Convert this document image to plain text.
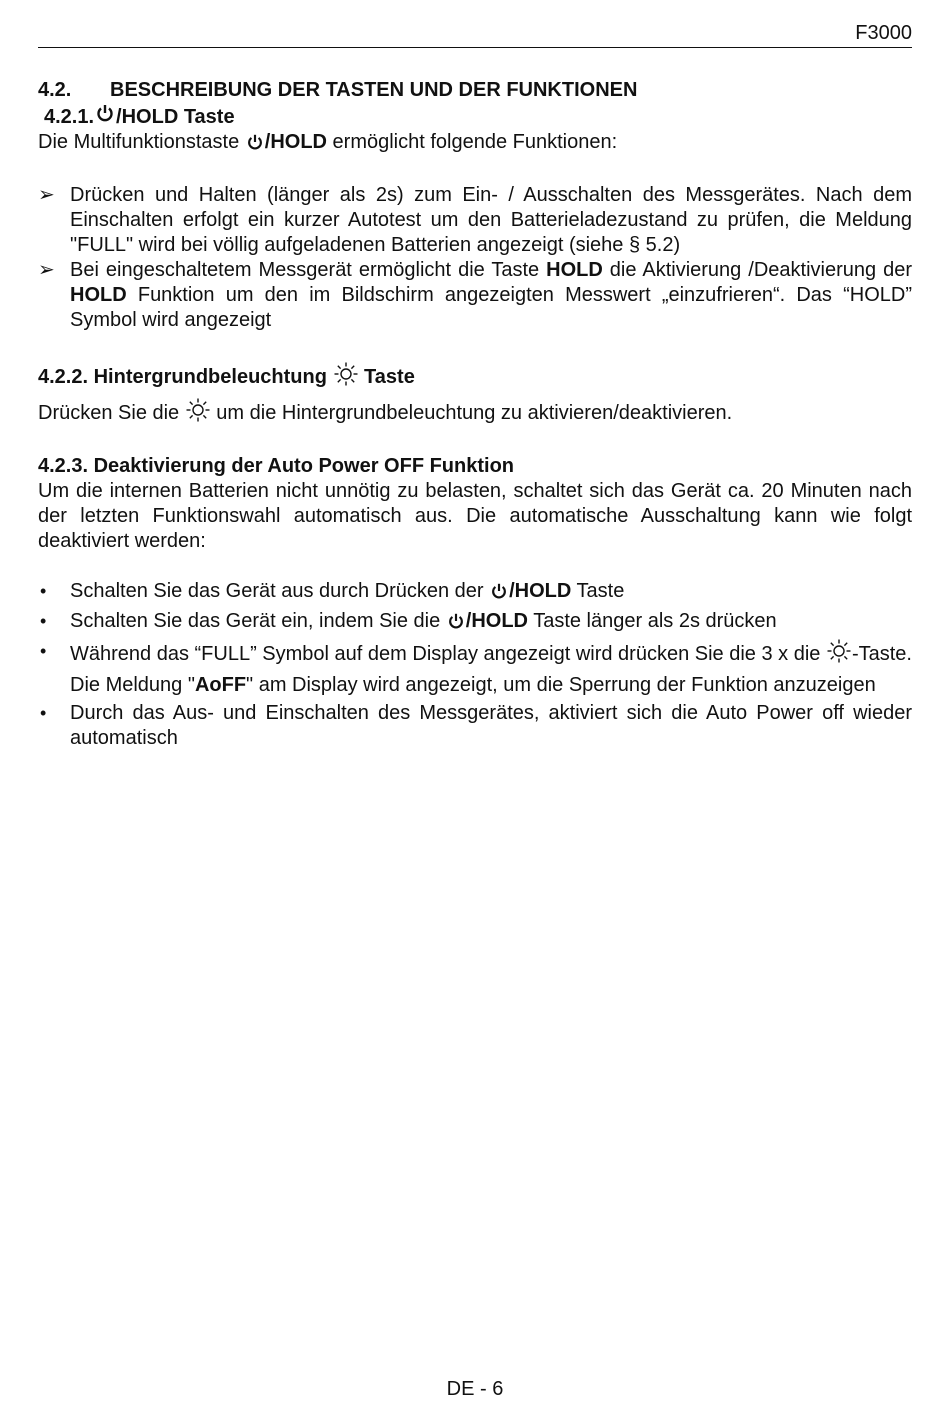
F3000
4.2.	BESCHREIBUNG DER TASTEN UND DER FUNKTIONEN
4.2.1. /HOLD Taste

Die Multifunktionstaste /HOLD ermöglicht folgende Funktionen:

➢ Drücken und Halten (länger als 2s) zum Ein- / Ausschalten des Messgerätes. Nach dem Einschalten erfolgt ein kurzer Autotest um den Batterieladezustand zu prüfen, die Meldung "FULL" wird bei völlig aufgeladenen Batterien angezeigt (siehe § 5.2)
➢ Bei eingeschaltetem Messgerät ermöglicht die Taste HOLD die Aktivierung /Deaktivierung der HOLD Funktion um den im Bildschirm angezeigten Messwert „einzufrieren“. Das “HOLD” Symbol wird angezeigt
4.2.2. Hintergrundbeleuchtung  Taste

Drücken Sie die  um die Hintergrundbeleuchtung zu aktivieren/deaktivieren.

4.2.3. Deaktivierung der Auto Power OFF Funktion

Um die internen Batterien nicht unnötig zu belasten, schaltet sich das Gerät ca. 20 Minuten nach der letzten Funktionswahl automatisch aus. Die automatische Ausschaltung kann wie folgt deaktiviert werden:

•	Schalten Sie das Gerät aus durch Drücken der /HOLD Taste
•	Schalten Sie das Gerät ein, indem Sie die /HOLD Taste länger als 2s drücken
•	Während das “FULL” Symbol auf dem Display angezeigt wird drücken Sie die 3 x die -Taste. Die Meldung "AoFF" am Display wird angezeigt, um die Sperrung der Funktion anzuzeigen
•	Durch das Aus- und Einschalten des Messgerätes, aktiviert sich die Auto Power off wieder automatisch
DE - 6
